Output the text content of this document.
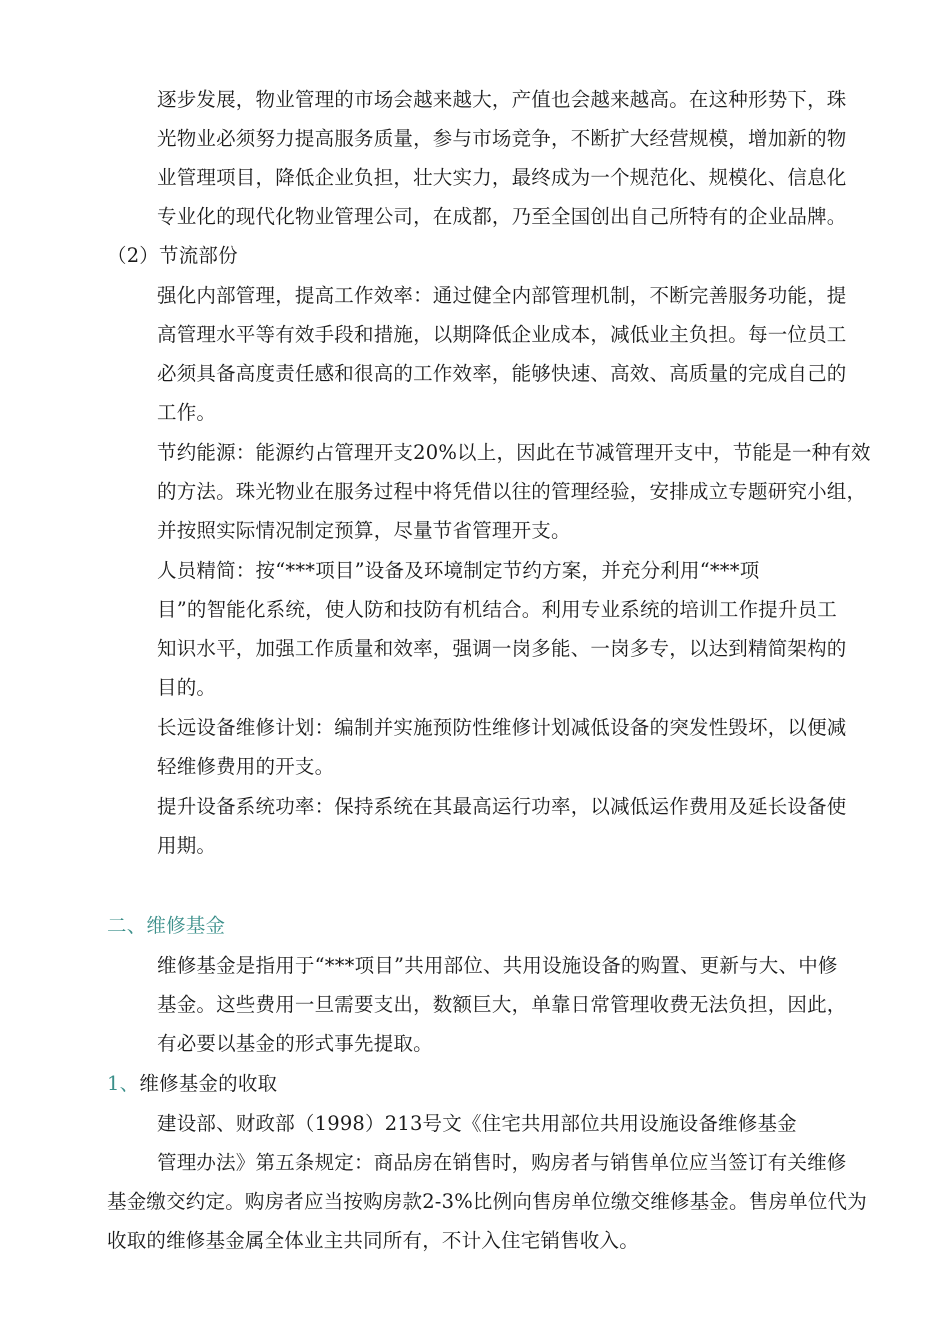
逐步发展，物业管理的市场会越来越大，产值也会越来越高。在这种形势下，珠

光物业必须努力提高服务质量，参与市场竞争，不断扩大经营规模，增加新的物

业管理项目，降低企业负担，壮大实力，最终成为一个规范化、规模化、信息化

专业化的现代化物业管理公司，在成都，乃至全国创出自己所特有的企业品牌。

（2）节流部份

强化内部管理，提高工作效率：通过健全内部管理机制，不断完善服务功能，提

高管理水平等有效手段和措施，以期降低企业成本，减低业主负担。每一位员工

必须具备高度责任感和很高的工作效率，能够快速、高效、高质量的完成自己的

工作。

节约能源：能源约占管理开支20%以上，因此在节减管理开支中，节能是一种有效

的方法。珠光物业在服务过程中将凭借以往的管理经验，安排成立专题研究小组，

并按照实际情况制定预算，尽量节省管理开支。

人员精简：按“***项目”设备及环境制定节约方案，并充分利用“***项

目”的智能化系统，使人防和技防有机结合。利用专业系统的培训工作提升员工

知识水平，加强工作质量和效率，强调一岗多能、一岗多专，以达到精简架构的

目的。

长远设备维修计划：编制并实施预防性维修计划减低设备的突发性毁坏，以便减

轻维修费用的开支。

提升设备系统功率：保持系统在其最高运行功率，以减低运作费用及延长设备使

用期。

二、维修基金

维修基金是指用于“***项目”共用部位、共用设施设备的购置、更新与大、中修

基金。这些费用一旦需要支出，数额巨大，单靠日常管理收费无法负担，因此，

有必要以基金的形式事先提取。

1、维修基金的收取

建设部、财政部（1998）213号文《住宅共用部位共用设施设备维修基金

管理办法》第五条规定：商品房在销售时，购房者与销售单位应当签订有关维修

基金缴交约定。购房者应当按购房款2-3%比例向售房单位缴交维修基金。售房单位代为

收取的维修基金属全体业主共同所有，不计入住宅销售收入。
